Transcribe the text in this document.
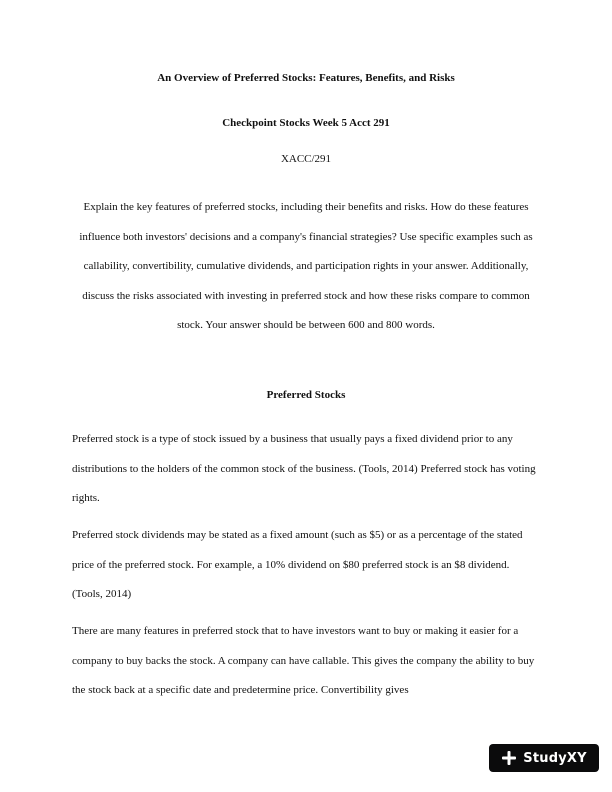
An Overview of Preferred Stocks: Features, Benefits, and Risks
Checkpoint Stocks Week 5 Acct 291
XACC/291
Explain the key features of preferred stocks, including their benefits and risks. How do these features influence both investors' decisions and a company's financial strategies? Use specific examples such as callability, convertibility, cumulative dividends, and participation rights in your answer. Additionally, discuss the risks associated with investing in preferred stock and how these risks compare to common stock. Your answer should be between 600 and 800 words.
Preferred Stocks
Preferred stock is a type of stock issued by a business that usually pays a fixed dividend prior to any distributions to the holders of the common stock of the business. (Tools, 2014) Preferred stock has voting rights.
Preferred stock dividends may be stated as a fixed amount (such as $5) or as a percentage of the stated price of the preferred stock. For example, a 10% dividend on $80 preferred stock is an $8 dividend. (Tools, 2014)
There are many features in preferred stock that to have investors want to buy or making it easier for a company to buy backs the stock. A company can have callable. This gives the company the ability to buy the stock back at a specific date and predetermine price. Convertibility gives
StudyXY
